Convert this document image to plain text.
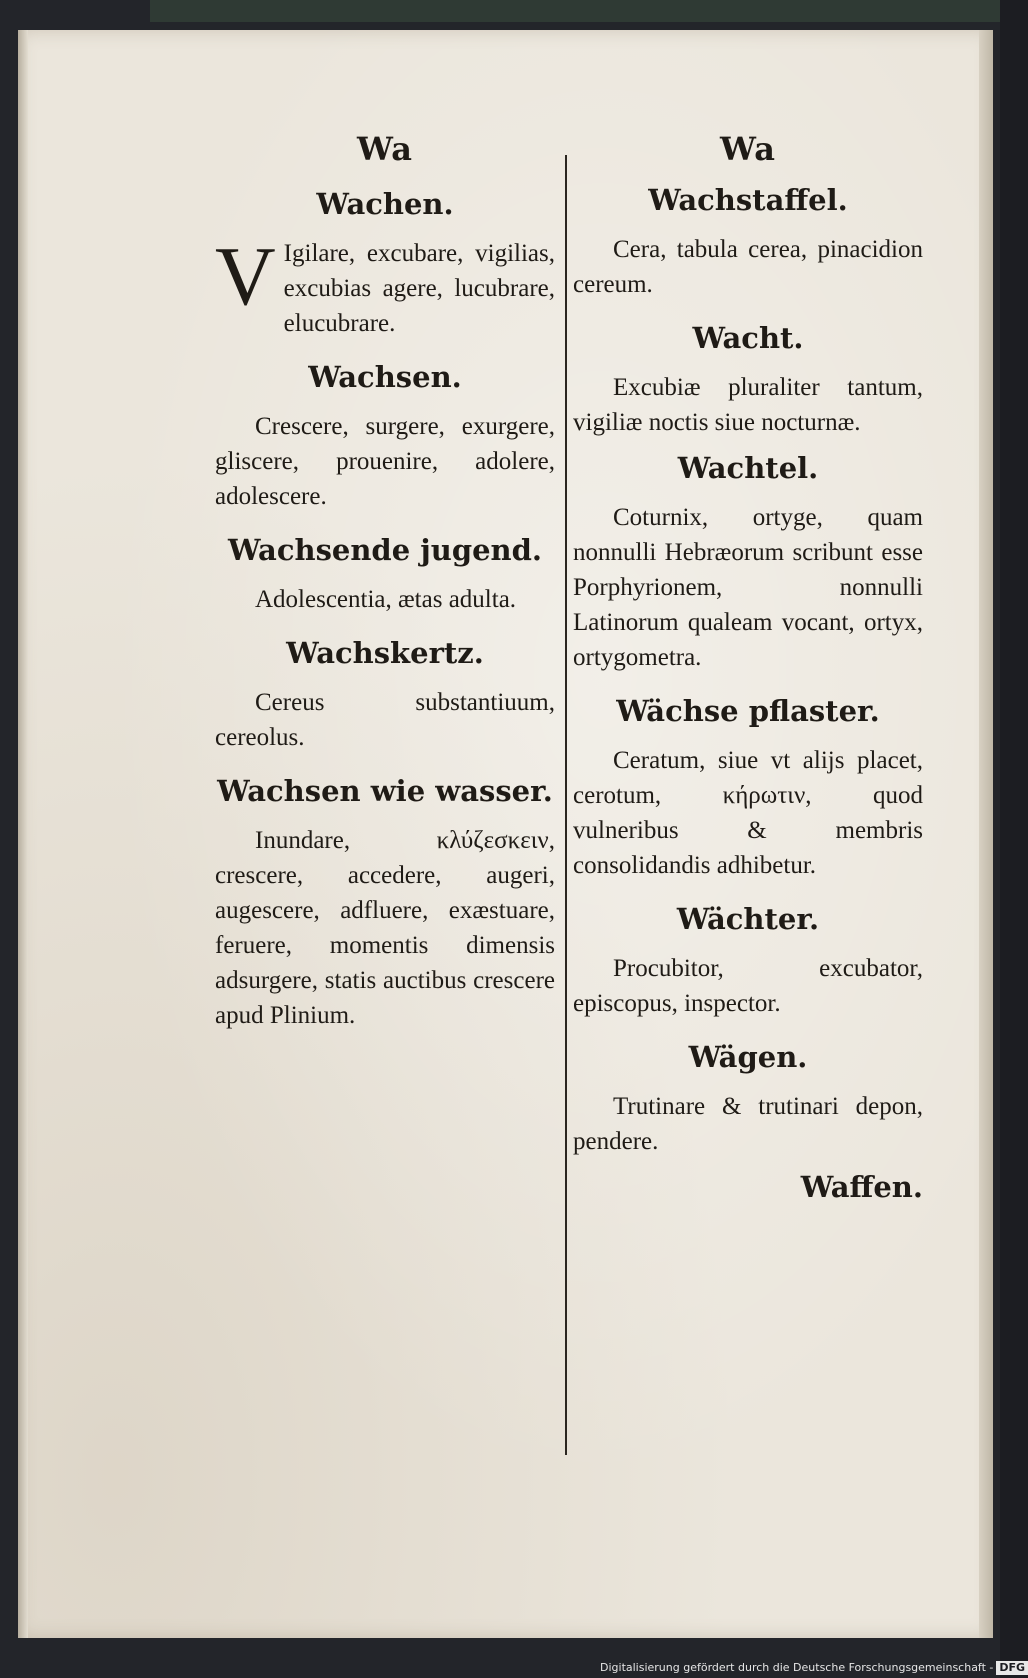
Wa
Wachen.
V Igilare, excubare, vigilias, excubias agere, lucubrare, elucubrare.
Wachsen.
Crescere, surgere, exurgere, gliscere, prouenire, adolere, adolescere.
Wachsende jugend.
Adolescentia, ætas adulta.
Wachskertz.
Cereus substantiuum, cereolus.
Wachsen wie wasser.
Inundare, κλύζεσκειν, crescere, accedere, augeri, augescere, adfluere, exæstuare, feruere, momentis dimensis adsurgere, statis auctibus crescere apud Plinium.
Wa
Wachstaffel.
Cera, tabula cerea, pinacidion cereum.
Wacht.
Excubiæ pluraliter tantum, vigiliæ noctis siue nocturnæ.
Wachtel.
Coturnix, ortyge, quam nonnulli Hebræorum scribunt esse Porphyrionem, nonnulli Latinorum qualeam vocant, ortyx, ortygometra.
Wächse pflaster.
Ceratum, siue vt alijs placet, cerotum, κήρωτιν, quod vulneribus & membris consolidandis adhibetur.
Wächter.
Procubitor, excubator, episcopus, inspector.
Wägen.
Trutinare & trutinari depon, pendere.
Waffen.
Digitalisierung gefördert durch die Deutsche Forschungsgemeinschaft - DFG
